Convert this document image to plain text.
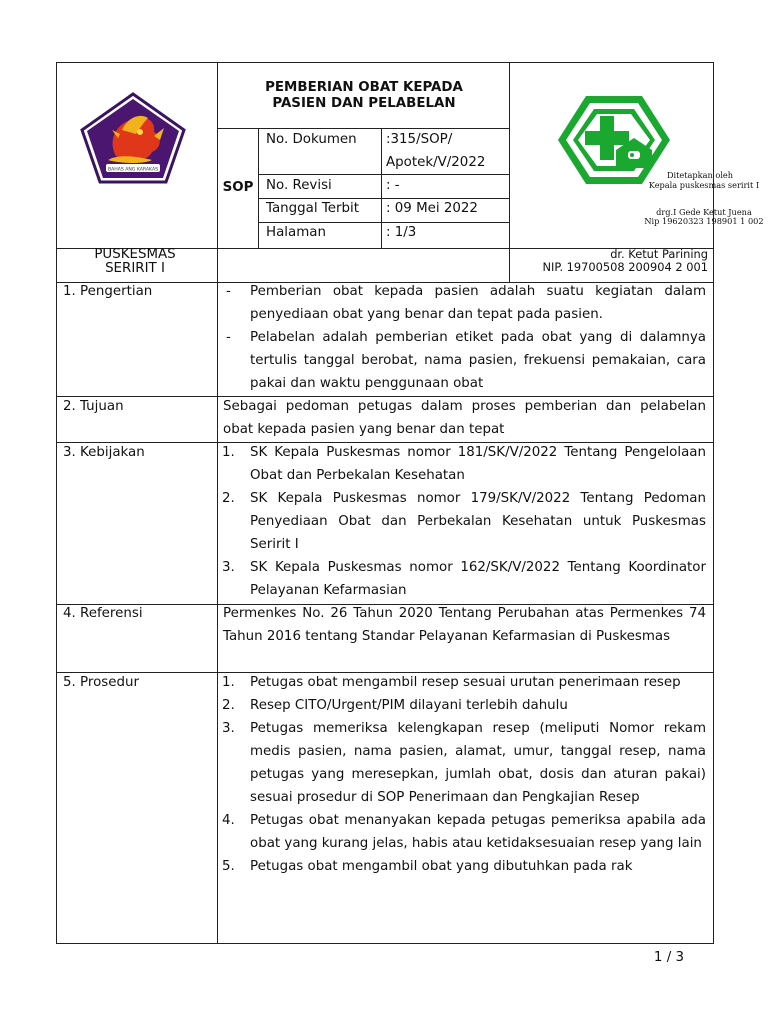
BAHAS ANG KARAKAS
PEMBERIAN OBAT KEPADA PASIEN DAN PELABELAN
SOP
No. Dokumen :315/SOP/ Apotek/V/2022
No. Revisi	: -
Tanggal Terbit : 09 Mei 2022
Halaman	: 1/3
Ditetapkan oleh
Kepala puskesmas seririt I
drg.I Gede Ketut Juena
Nip 19620323 198901 1 002
PUSKESMAS SERIRIT I
dr. Ketut Parining
NIP. 19700508 200904 2 001
1. Pengertian	- Pemberian obat kepada pasien adalah suatu kegiatan dalam penyediaan obat yang benar dan tepat pada pasien.
- Pelabelan adalah pemberian etiket pada obat yang di dalamnya tertulis tanggal berobat, nama pasien, frekuensi pemakaian, cara pakai dan waktu penggunaan obat
2. Tujuan	Sebagai pedoman petugas dalam proses pemberian dan pelabelan obat kepada pasien yang benar dan tepat
3. Kebijakan	1. SK Kepala Puskesmas nomor 181/SK/V/2022 Tentang Pengelolaan Obat dan Perbekalan Kesehatan
2. SK Kepala Puskesmas nomor 179/SK/V/2022 Tentang Pedoman Penyediaan Obat dan Perbekalan Kesehatan untuk Puskesmas Seririt I
3. SK Kepala Puskesmas nomor 162/SK/V/2022 Tentang Koordinator Pelayanan Kefarmasian
4. Referensi	Permenkes No. 26 Tahun 2020 Tentang Perubahan atas Permenkes 74 Tahun 2016 tentang Standar Pelayanan Kefarmasian di Puskesmas
5. Prosedur	1. Petugas obat mengambil resep sesuai urutan penerimaan resep
2. Resep CITO/Urgent/PIM dilayani terlebih dahulu
3. Petugas memeriksa kelengkapan resep (meliputi Nomor rekam medis pasien, nama pasien, alamat, umur, tanggal resep, nama petugas yang meresepkan, jumlah obat, dosis dan aturan pakai) sesuai prosedur di SOP Penerimaan dan Pengkajian Resep
4. Petugas obat menanyakan kepada petugas pemeriksa apabila ada obat yang kurang jelas, habis atau ketidaksesuaian resep yang lain
5. Petugas obat mengambil obat yang dibutuhkan pada rak
1 / 3
